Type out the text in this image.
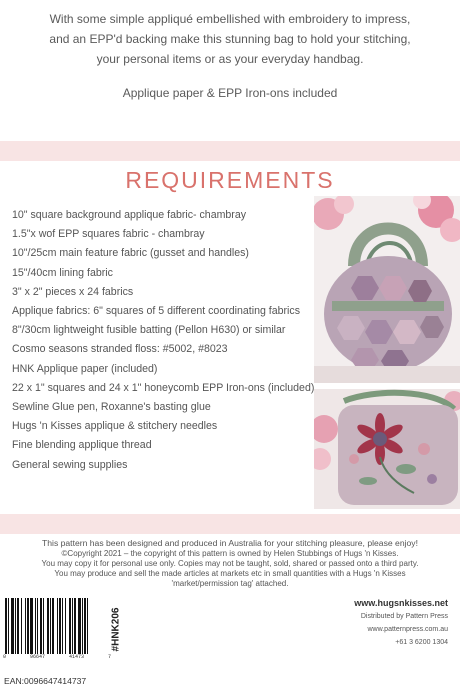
With some simple appliqué embellished with embroidery to impress,
and an EPP'd backing make this stunning bag to hold your stitching,
your personal items or as your everyday handbag.
Applique paper & EPP Iron-ons included
REQUIREMENTS
10" square background applique fabric- chambray
1.5"x wof EPP squares fabric - chambray
10"/25cm main feature fabric (gusset and handles)
15"/40cm lining fabric
3" x 2" pieces x 24 fabrics
Applique fabrics: 6" squares of 5 different coordinating fabrics
8"/30cm lightweight fusible batting (Pellon H630) or similar
Cosmo seasons stranded floss: #5002, #8023
HNK Applique paper (included)
22 x 1" squares and 24 x 1" honeycomb EPP Iron-ons (included)
Sewline Glue pen, Roxanne's basting glue
Hugs 'n Kisses applique & stitchery needles
Fine blending applique thread
General sewing supplies
This pattern has been designed and produced in Australia for your stitching pleasure, please enjoy!
©Copyright 2021 – the copyright of this pattern is owned by Helen Stubbings of Hugs 'n Kisses.
You may copy it for personal use only. Copies may not be taught, sold, shared or passed onto a third party.
You may produce and sell the made articles at markets etc in small quantities with a Hugs 'n Kisses
'market/permission tag' attached.
0	96647	41473	7
#HNK206
EAN:0096647414737
www.hugsnkisses.net
Distributed by Pattern Press
www.patternpress.com.au
+61 3 6200 1304
